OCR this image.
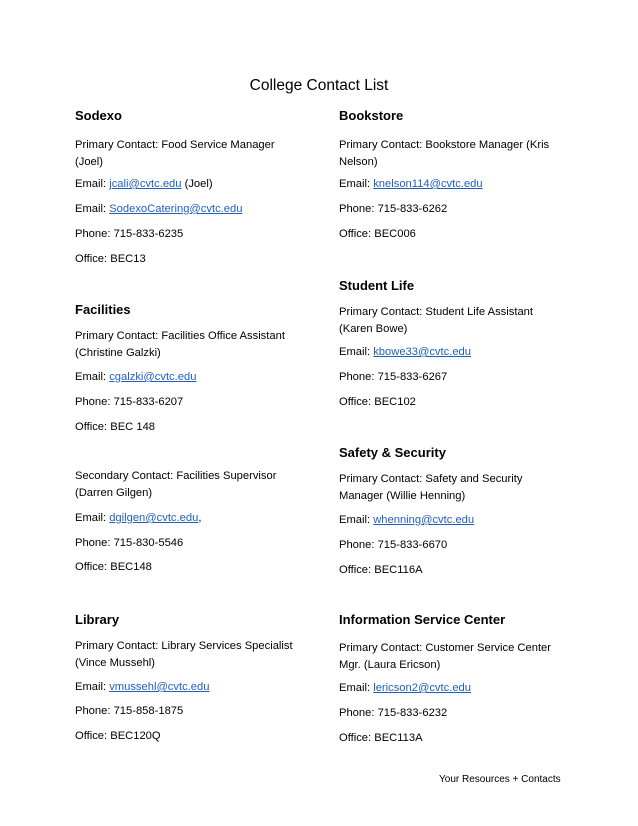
College Contact List

Sodexo

Primary Contact: Food Service Manager (Joel)

Email: jcali@cvtc.edu (Joel)

Email: SodexoCatering@cvtc.edu

Phone: 715-833-6235

Office: BEC13

Facilities

Primary Contact: Facilities Office Assistant (Christine Galzki)

Email: cgalzki@cvtc.edu

Phone: 715-833-6207

Office: BEC 148

Secondary Contact: Facilities Supervisor (Darren Gilgen)

Email: dgilgen@cvtc.edu,

Phone: 715-830-5546

Office: BEC148

Library

Primary Contact: Library Services Specialist (Vince Mussehl)

Email: vmussehl@cvtc.edu

Phone: 715-858-1875

Office: BEC120Q

Bookstore

Primary Contact: Bookstore Manager (Kris Nelson)

Email: knelson114@cvtc.edu

Phone: 715-833-6262

Office: BEC006

Student Life

Primary Contact: Student Life Assistant (Karen Bowe)

Email: kbowe33@cvtc.edu

Phone: 715-833-6267

Office: BEC102

Safety & Security

Primary Contact: Safety and Security Manager (Willie Henning)

Email: whenning@cvtc.edu

Phone: 715-833-6670

Office: BEC116A

Information Service Center

Primary Contact: Customer Service Center Mgr. (Laura Ericson)

Email: lericson2@cvtc.edu

Phone: 715-833-6232

Office: BEC113A

Your Resources + Contacts
